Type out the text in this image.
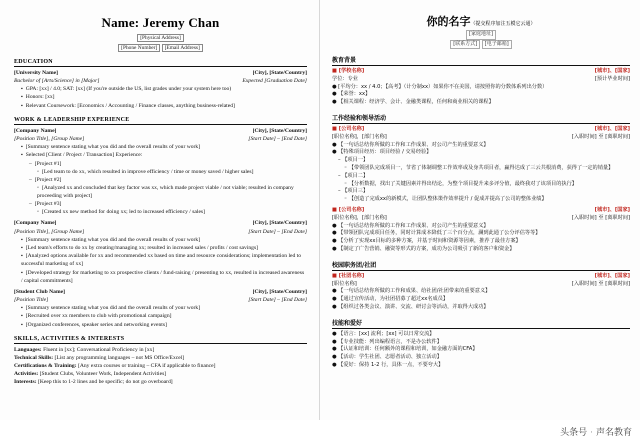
Name: Jeremy Chan
[Physical Address]
[Phone Number] [Email Address]
EDUCATION
[University Name]	[City], [State/Country]
Bachelor of [Arts/Science] in [Major]	Expected [Graduation Date]
▪ GPA: [xx] / 4.0; SAT: [xx] (If you're outside the US, list grades under your system here too)
▪ Honors: [xx]
▪ Relevant Coursework: [Economics / Accounting / Finance classes, anything business-related]
WORK & LEADERSHIP EXPERIENCE
[Company Name]	[City], [State/Country]
[Position Title], [Group Name]	[Start Date] – [End Date]
▪ [Summary sentence stating what you did and the overall results of your work]
▪ Selected [Client / Project / Transaction] Experience:
– [Project #1]
◦ [Led team to do xx, which resulted in improve efficiency / time or money saved / higher sales]
– [Project #2]
◦ [Analyzed xx and concluded that key factor was xx, which made project viable / not viable; resulted in company proceeding with project]
– [Project #3]
◦ [Created xx new method for doing xx; led to increased efficiency / sales]
[Company Name]	[City], [State/Country]
[Position Title], [Group Name]	[Start Date] – [End Date]
▪ [Summary sentence stating what you did and the overall results of your work]
▪ [Led team's efforts to do xx by creating/managing xx; resulted in increased sales / profits / cost savings]
▪ [Analyzed options available for xx and recommended xx based on time and resource considerations; implementation led to successful marketing of xx]
▪ [Developed strategy for marketing to xx prospective clients / fund-raising / presenting to xx, resulted in increased awareness / capital commitments]
[Student Club Name]	[City], [State/Country]
[Position Title]	[Start Date] – [End Date]
▪ [Summary sentence stating what you did and the overall results of your work]
▪ [Recruited over xx members to club with promotional campaign]
▪ [Organized conferences, speaker series and networking events]
SKILLS, ACTIVITIES & INTERESTS
Languages: Fluent in [xx]; Conversational Proficiency in [xx]
Technical Skills: [List any programming languages – not MS Office/Excel]
Certifications & Training: [Any extra courses or training – CFA if applicable to finance]
Activities: [Student Clubs, Volunteer Work, Independent Activities]
Interests: [Keep this to 1-2 lines and be specific; do not go overboard]
你的名字（提交程序加注五模它云通）
[家庭地址]
[联系方式] [电子邮箱]
教育背景
■ [学校名称]	[城市]、[国家]
学位：专业	[预计毕业时间]
● [平均分：xx / 4.0；【高考】（计分制xx）如果你不在美国，请按照你的分数体系列出分数）
● 【荣誉：xx】
● 【相关课程：经济学、会计、金融类课程，任何和商业相关的课程】
工作经验和领导活动
■ [公司名称]	[城市]、[国家]
[职位名称]，[部门名称]	[入职时间] 至 [离职时间]
● 【一句话总结你所做的工作和工作成果、对公司产生的重要意义】
● 【特殊项目经历：项目经验 / 交易经验】
– 【项目一】
◦ 【带领团队完成项目一，节省了体制调整工作效率或及身共项目者，赢得达成了三云共根消费，获得了一定的销量】
– 【项目二】
◦ 【分析数据，找出了关键因素并得出结论，为整个项目提升来多评分值，最终我对了该项目的执行】
– 【项目三】
◦ 【创造了完成xx的新模式，让团队整体策作效率提升 / 促成并提高了公司的整体业绩】
■ [公司名称]	[城市]、[国家]
[职位名称]，[部门名称]	[入职时间] 至 [离职时间]
● 【一句话总结你所做的工作和工作成果、对公司产生的重要意义】
● 【带领团队完成项目任务，同时计算成本降低了三个百分点，澜到此通了公分评估等等】
● 【分析了实现xx目标的多种方案，并基于时间和资源等因素，推荐了最佳方案】
● 【制定了广告营销、融资等形式的方案，成功为公司吸引了新的客户和资金】
校园职务团/社团
■ [社团名称]	[城市]、[国家]
[职位名称]	[入职时间] 至 [离职时间]
● 【一句话总结你所做的工作和成果、给社团/社团带来的重要意义】
● 【通过宣传活动，为社团招募了超过xx名成员】
● 【组织过各类会议、演讲、交流、研讨会等活动，并取得大成功】
技能和爱好
● 【语言：[xx] 流利；[xx] 可以日常交流】
● 【专业技能：列出编程语言，不是办公软件】
● 【认证和培训：任何额外的课程和培训，如金融方面的CFA】
● 【活动：学生社团、志愿者活动、独立活动】
● 【爱好：保持 1-2 行，具体一点，不要夸大】
头条号 · 声名教育
